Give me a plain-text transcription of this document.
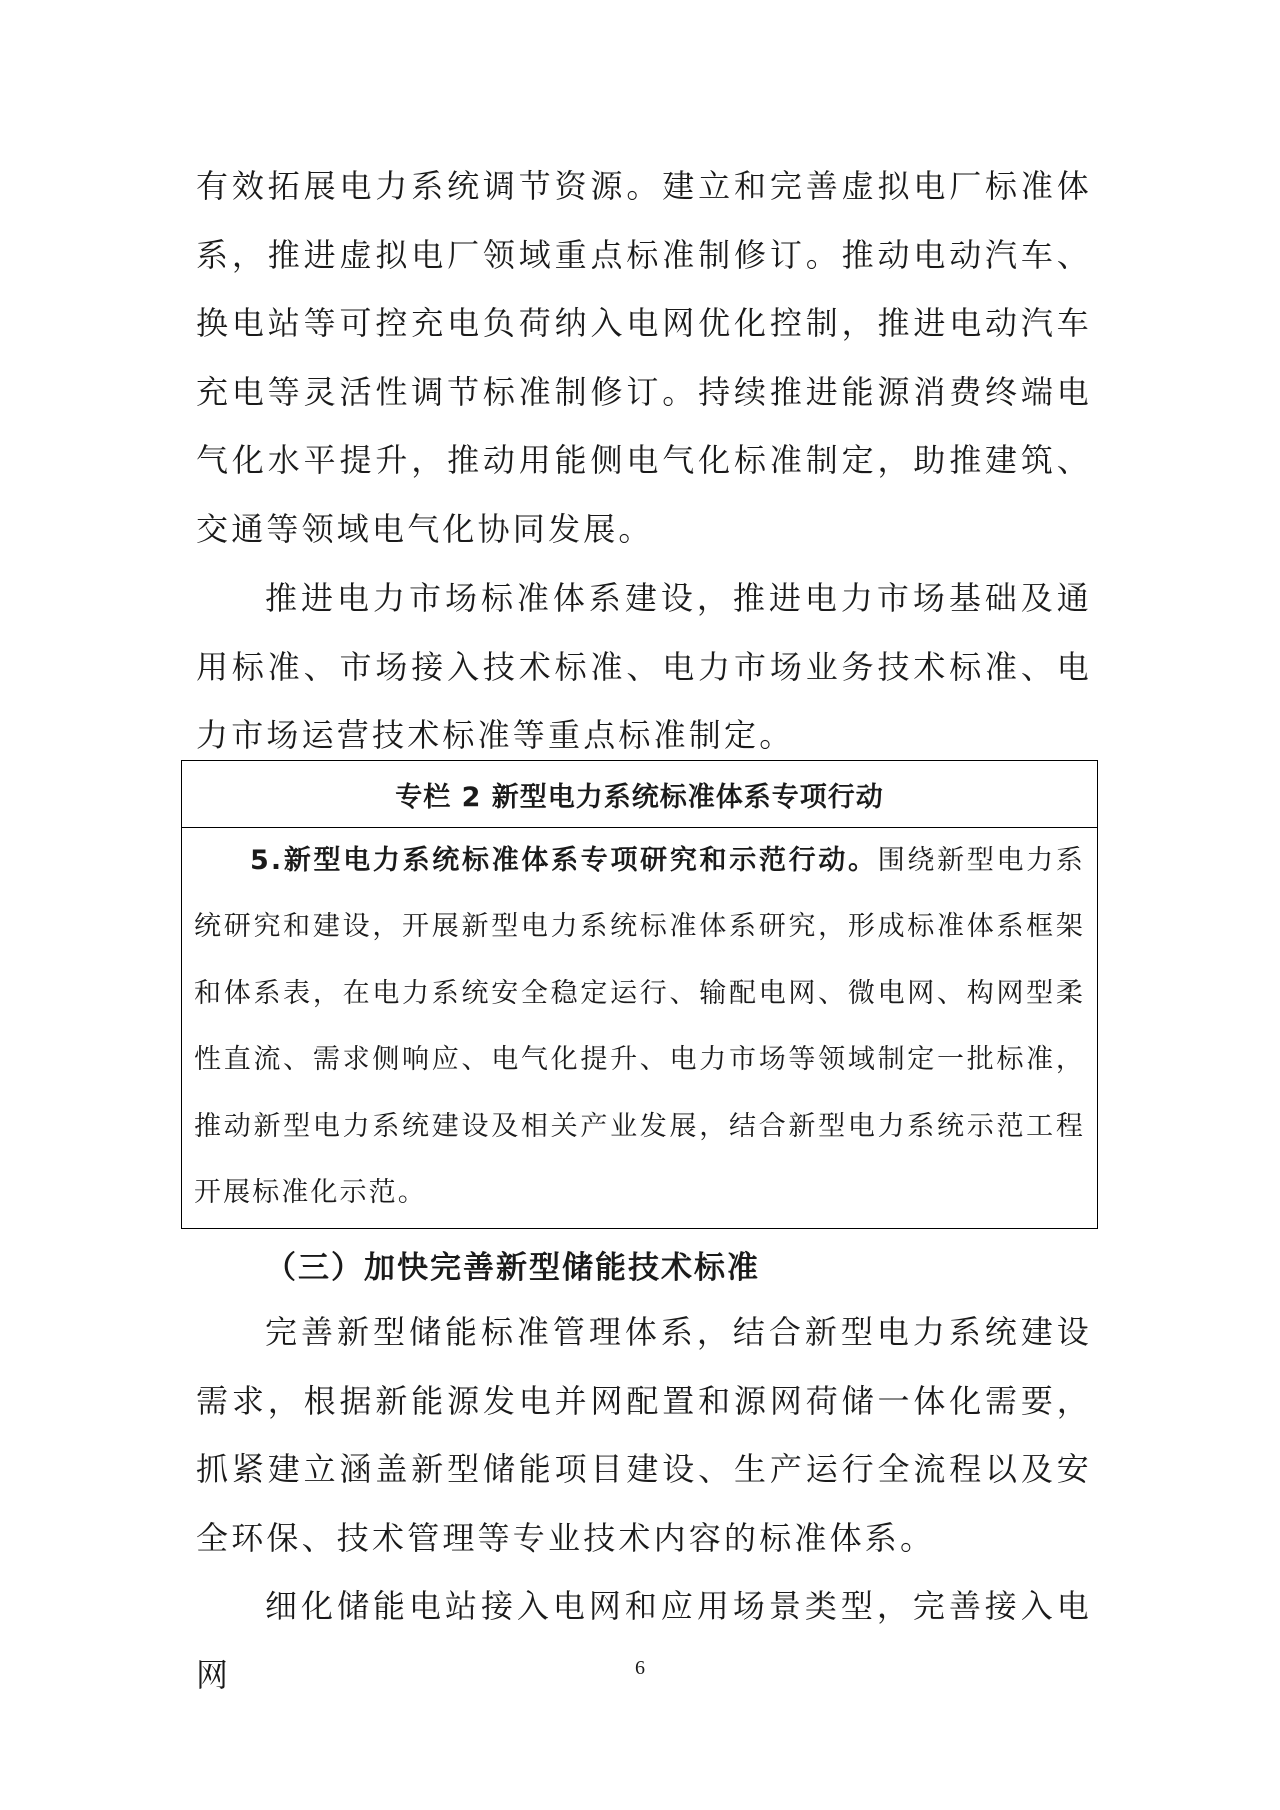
有效拓展电力系统调节资源。建立和完善虚拟电厂标准体系，推进虚拟电厂领域重点标准制修订。推动电动汽车、换电站等可控充电负荷纳入电网优化控制，推进电动汽车充电等灵活性调节标准制修订。持续推进能源消费终端电气化水平提升，推动用能侧电气化标准制定，助推建筑、交通等领域电气化协同发展。

推进电力市场标准体系建设，推进电力市场基础及通用标准、市场接入技术标准、电力市场业务技术标准、电力市场运营技术标准等重点标准制定。

专栏 2 新型电力系统标准体系专项行动

5.新型电力系统标准体系专项研究和示范行动。围绕新型电力系统研究和建设，开展新型电力系统标准体系研究，形成标准体系框架和体系表，在电力系统安全稳定运行、输配电网、微电网、构网型柔性直流、需求侧响应、电气化提升、电力市场等领域制定一批标准，推动新型电力系统建设及相关产业发展，结合新型电力系统示范工程开展标准化示范。

（三）加快完善新型储能技术标准

完善新型储能标准管理体系，结合新型电力系统建设需求，根据新能源发电并网配置和源网荷储一体化需要，抓紧建立涵盖新型储能项目建设、生产运行全流程以及安全环保、技术管理等专业技术内容的标准体系。

细化储能电站接入电网和应用场景类型，完善接入电网	6
